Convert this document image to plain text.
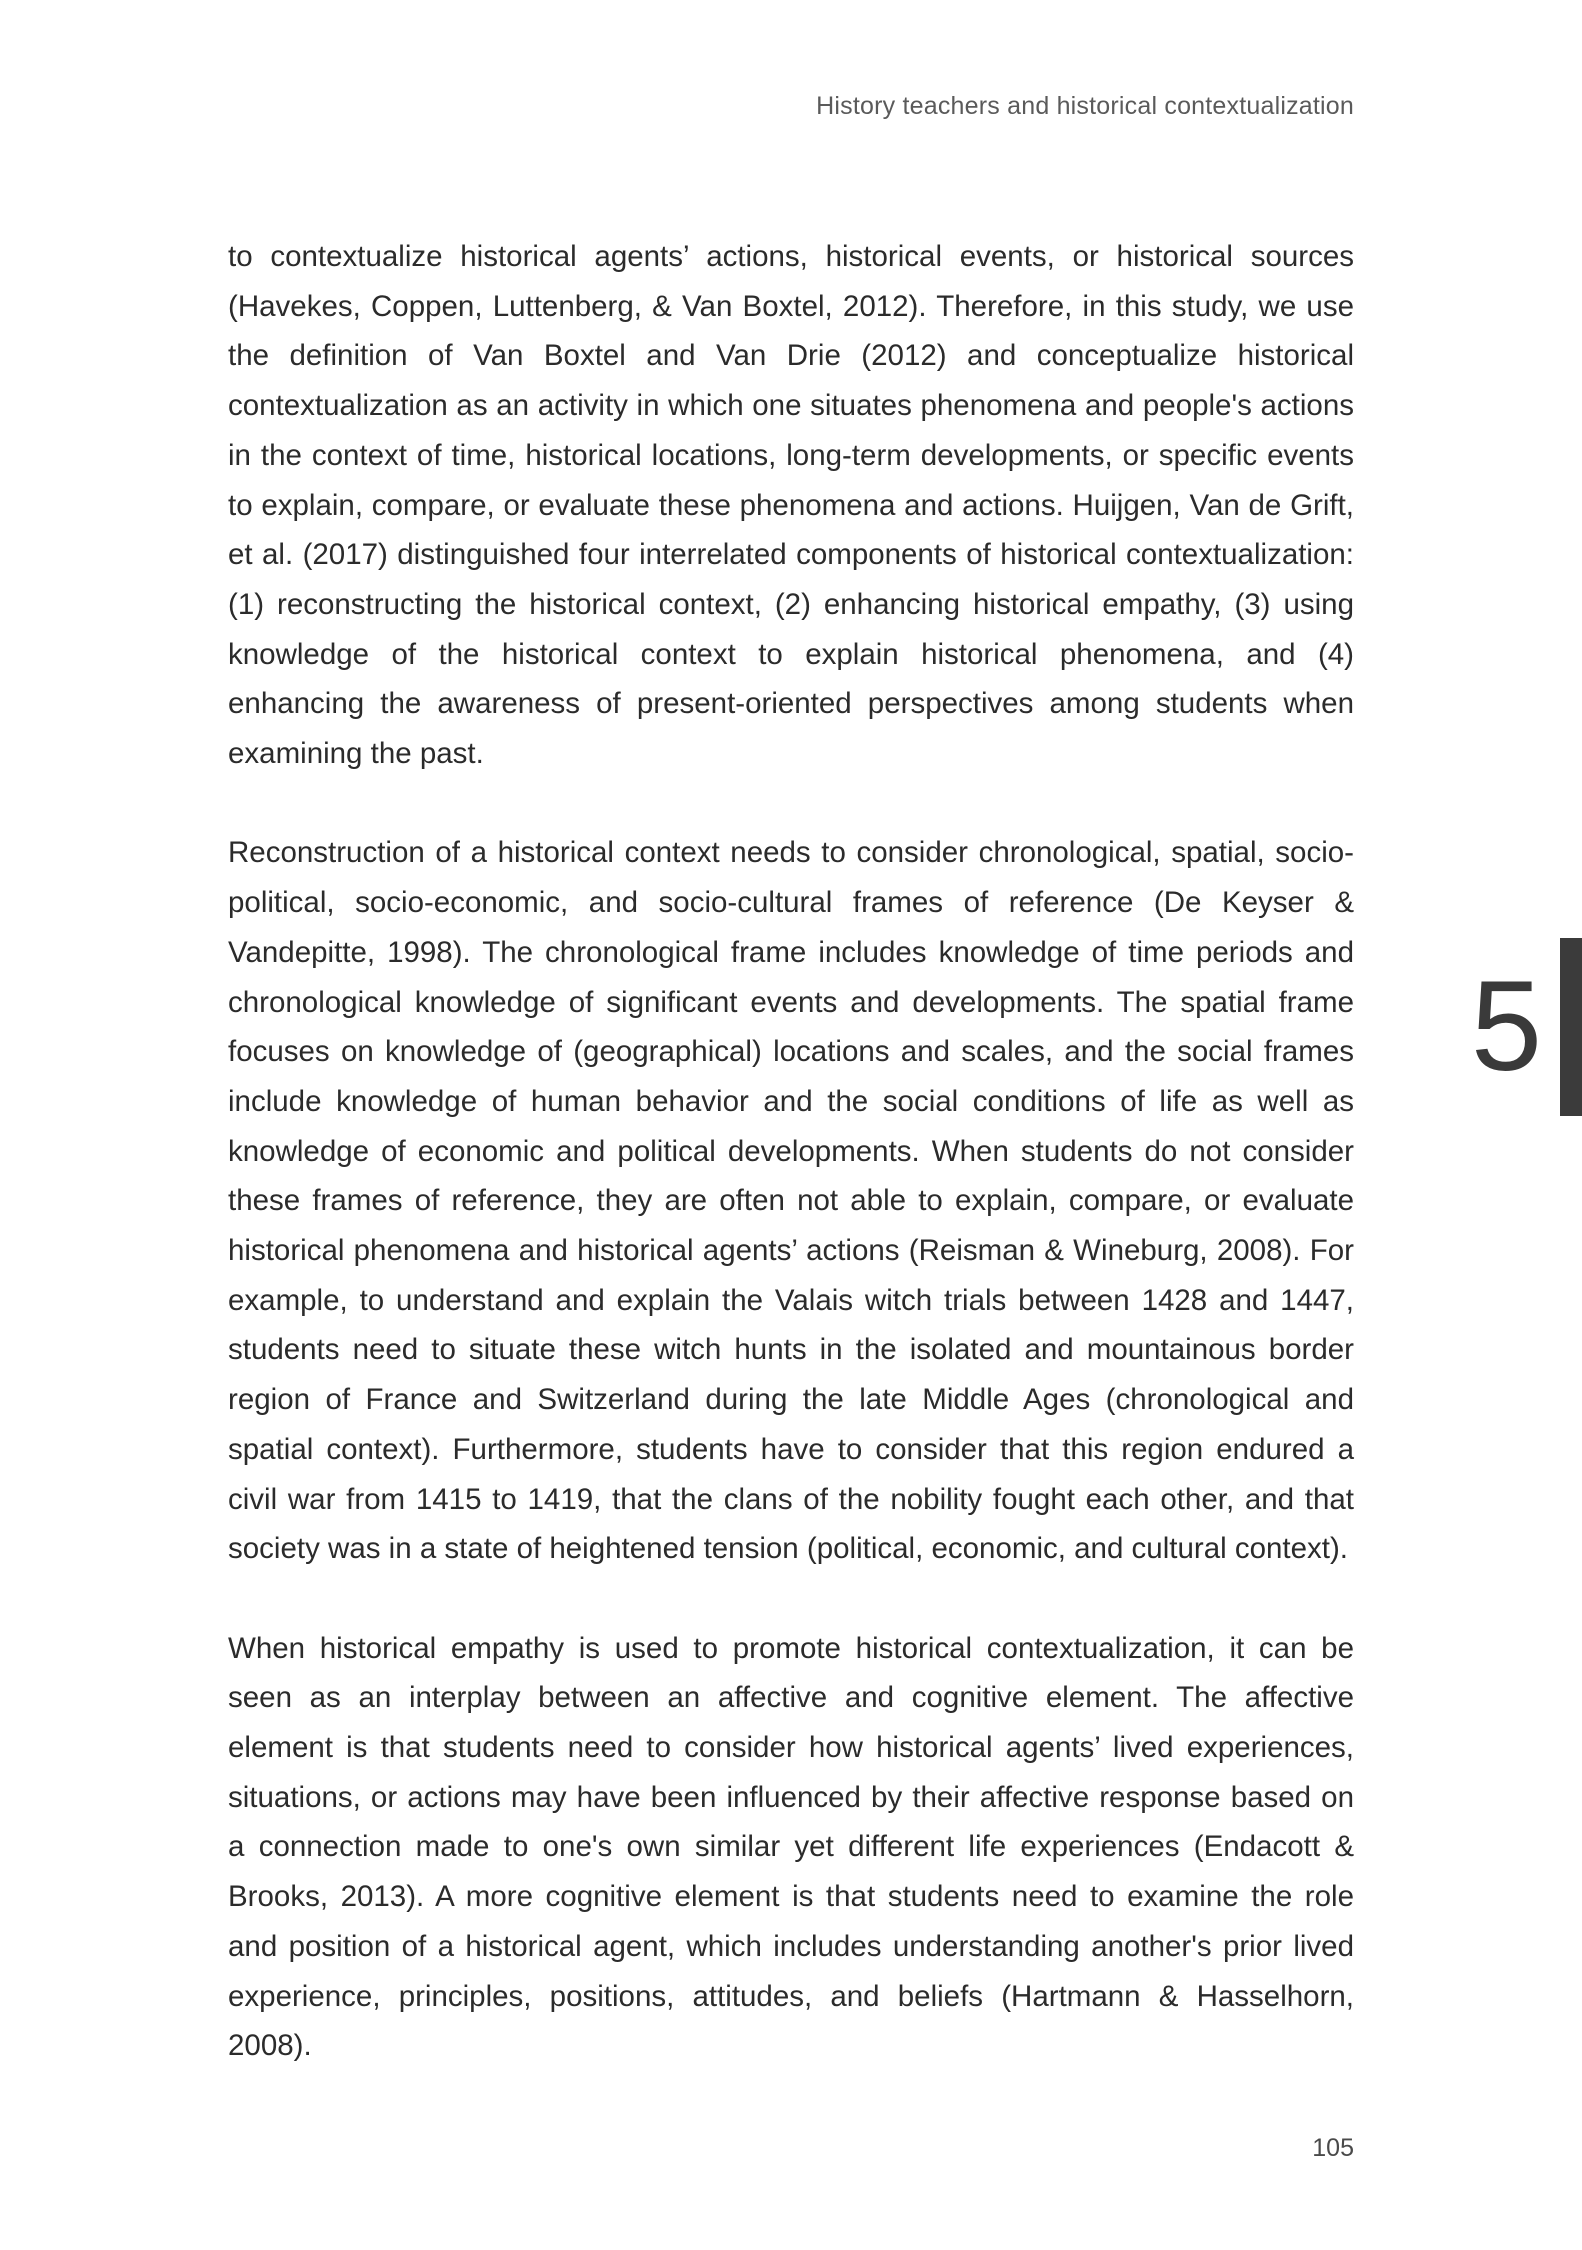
History teachers and historical contextualization

to contextualize historical agents’ actions, historical events, or historical sources (Havekes, Coppen, Luttenberg, & Van Boxtel, 2012). Therefore, in this study, we use the definition of Van Boxtel and Van Drie (2012) and conceptualize historical contextualization as an activity in which one situates phenomena and people's actions in the context of time, historical locations, long-term developments, or specific events to explain, compare, or evaluate these phenomena and actions. Huijgen, Van de Grift, et al. (2017) distinguished four interrelated components of historical contextualization: (1) reconstructing the historical context, (2) enhancing historical empathy, (3) using knowledge of the historical context to explain historical phenomena, and (4) enhancing the awareness of present-oriented perspectives among students when examining the past.

Reconstruction of a historical context needs to consider chronological, spatial, socio-political, socio-economic, and socio-cultural frames of reference (De Keyser & Vandepitte, 1998). The chronological frame includes knowledge of time periods and chronological knowledge of significant events and developments. The spatial frame focuses on knowledge of (geographical) locations and scales, and the social frames include knowledge of human behavior and the social conditions of life as well as knowledge of economic and political developments. When students do not consider these frames of reference, they are often not able to explain, compare, or evaluate historical phenomena and historical agents’ actions (Reisman & Wineburg, 2008). For example, to understand and explain the Valais witch trials between 1428 and 1447, students need to situate these witch hunts in the isolated and mountainous border region of France and Switzerland during the late Middle Ages (chronological and spatial context). Furthermore, students have to consider that this region endured a civil war from 1415 to 1419, that the clans of the nobility fought each other, and that society was in a state of heightened tension (political, economic, and cultural context).

When historical empathy is used to promote historical contextualization, it can be seen as an interplay between an affective and cognitive element. The affective element is that students need to consider how historical agents’ lived experiences, situations, or actions may have been influenced by their affective response based on a connection made to one's own similar yet different life experiences (Endacott & Brooks, 2013). A more cognitive element is that students need to examine the role and position of a historical agent, which includes understanding another's prior lived experience, principles, positions, attitudes, and beliefs (Hartmann & Hasselhorn, 2008).

5
105
